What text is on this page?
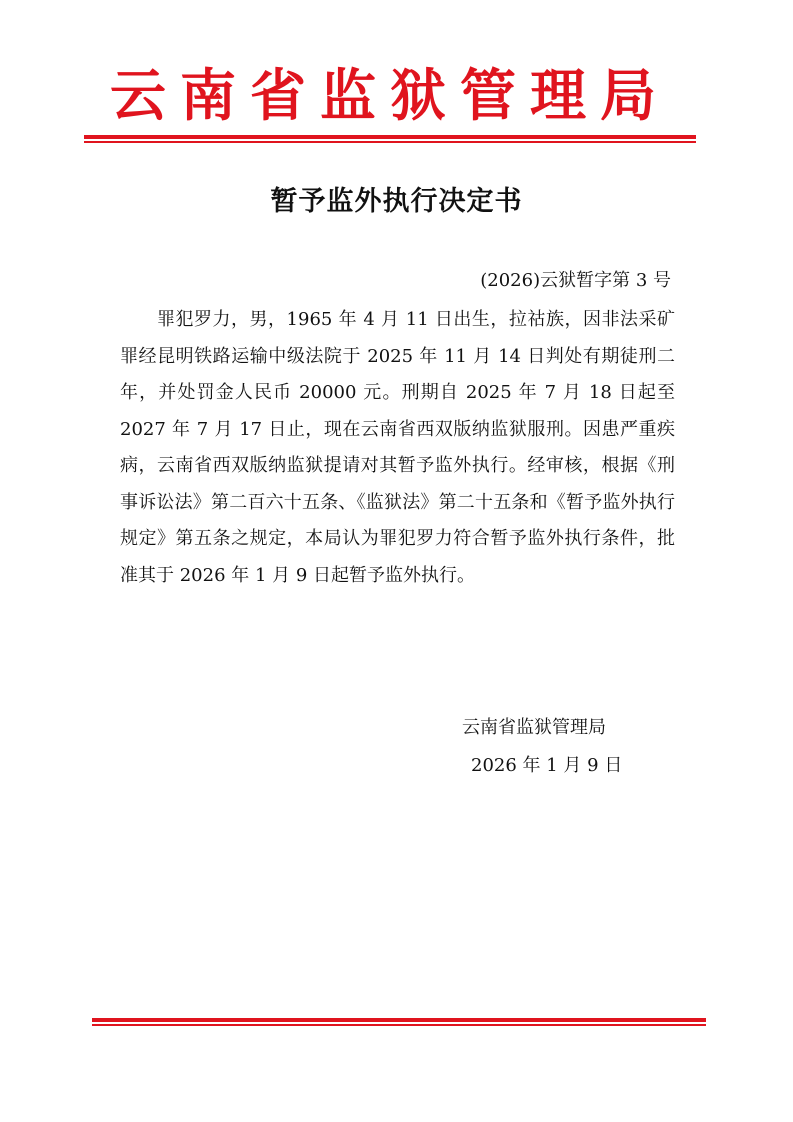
云南省监狱管理局
暂予监外执行决定书
(2026)云狱暂字第 3 号

罪犯罗力，男，1965 年 4 月 11 日出生，拉祜族，因非法采矿罪经昆明铁路运输中级法院于 2025 年 11 月 14 日判处有期徒刑二年，并处罚金人民币 20000 元。刑期自 2025 年 7 月 18 日起至 2027 年 7 月 17 日止，现在云南省西双版纳监狱服刑。因患严重疾病，云南省西双版纳监狱提请对其暂予监外执行。经审核，根据《刑事诉讼法》第二百六十五条、《监狱法》第二十五条和《暂予监外执行规定》第五条之规定，本局认为罪犯罗力符合暂予监外执行条件，批准其于 2026 年 1 月 9 日起暂予监外执行。

云南省监狱管理局
2026 年 1 月 9 日
